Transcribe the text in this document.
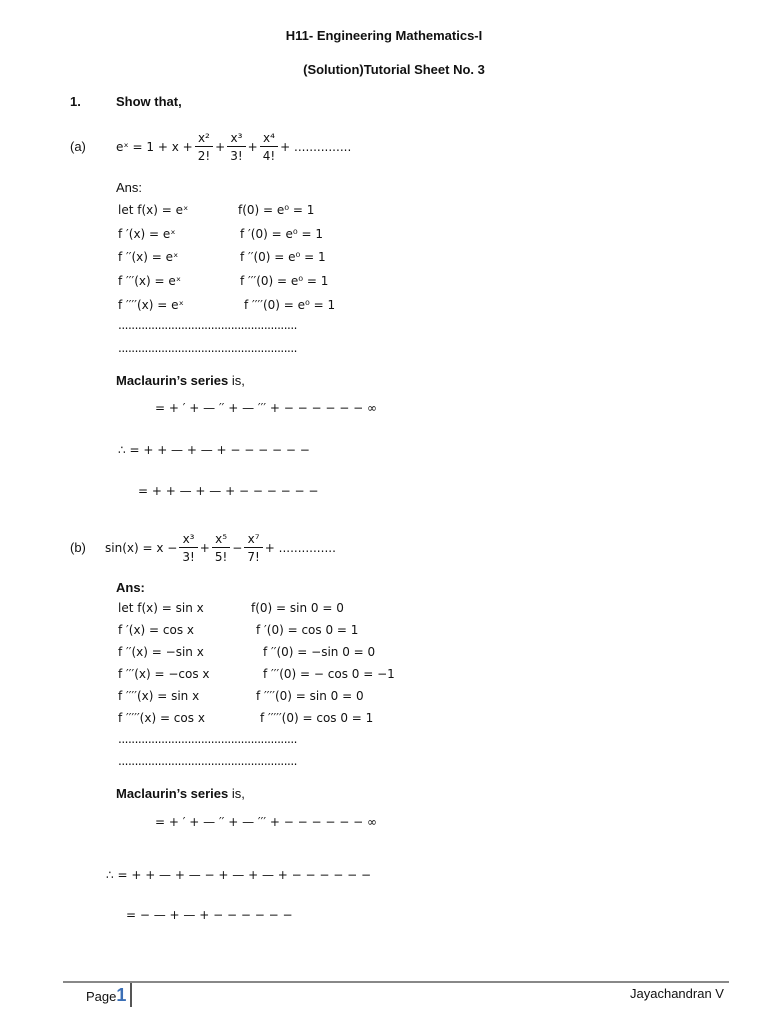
H11- Engineering Mathematics-I
(Solution)Tutorial Sheet No. 3
1.	Show that,
(a)	eˣ = $1 + x + \frac{\text{x²}}{2!} + \frac{\text{x³}}{3!} + \frac{\text{x⁴}}{4!}$ + ...............
Ans:
let f(x) = eˣ	f(0) = e⁰ = 1
f ′(x) = eˣ	f ′(0) = e⁰ = 1
f ′′(x) = eˣ	f ′′(0) = e⁰ = 1
f ′′′(x) = eˣ	f ′′′(0) = e⁰ = 1
f ′′′′(x) = eˣ	f ′′′′(0) = e⁰ = 1
......................................................
......................................................
Maclaurin’s series is,
= + ′ + — ′′ + — ′′′ + − − − − − − ∞
∴ = + + — + — + − − − − − −
= + + — + — + − − − − − −
(b) $\sin(x) = x - \frac{\text{x³}}{3!} + \frac{\text{x⁵}}{5!} - \frac{\text{x⁷}}{7!}$ + ...............
Ans:
let f(x) = sin x	f(0) = sin 0 = 0
f ′(x) = cos x	f ′(0) = cos 0 = 1
f ′′(x) = −sin x	f ′′(0) = −sin 0 = 0
f ′′′(x) = −cos x	f ′′′(0) = − cos 0 = −1
f ′′′′(x) = sin x	f ′′′′(0) = sin 0 = 0
f ′′′′′(x) = cos x	f ′′′′′(0) = cos 0 = 1
......................................................
......................................................
Maclaurin’s series is,
= + ′ + — ′′ + — ′′′ + − − − − − − ∞
∴ = + + — + — − + — + — + − − − − − −
= − — + — + − − − − − −
Page1	Jayachandran V
